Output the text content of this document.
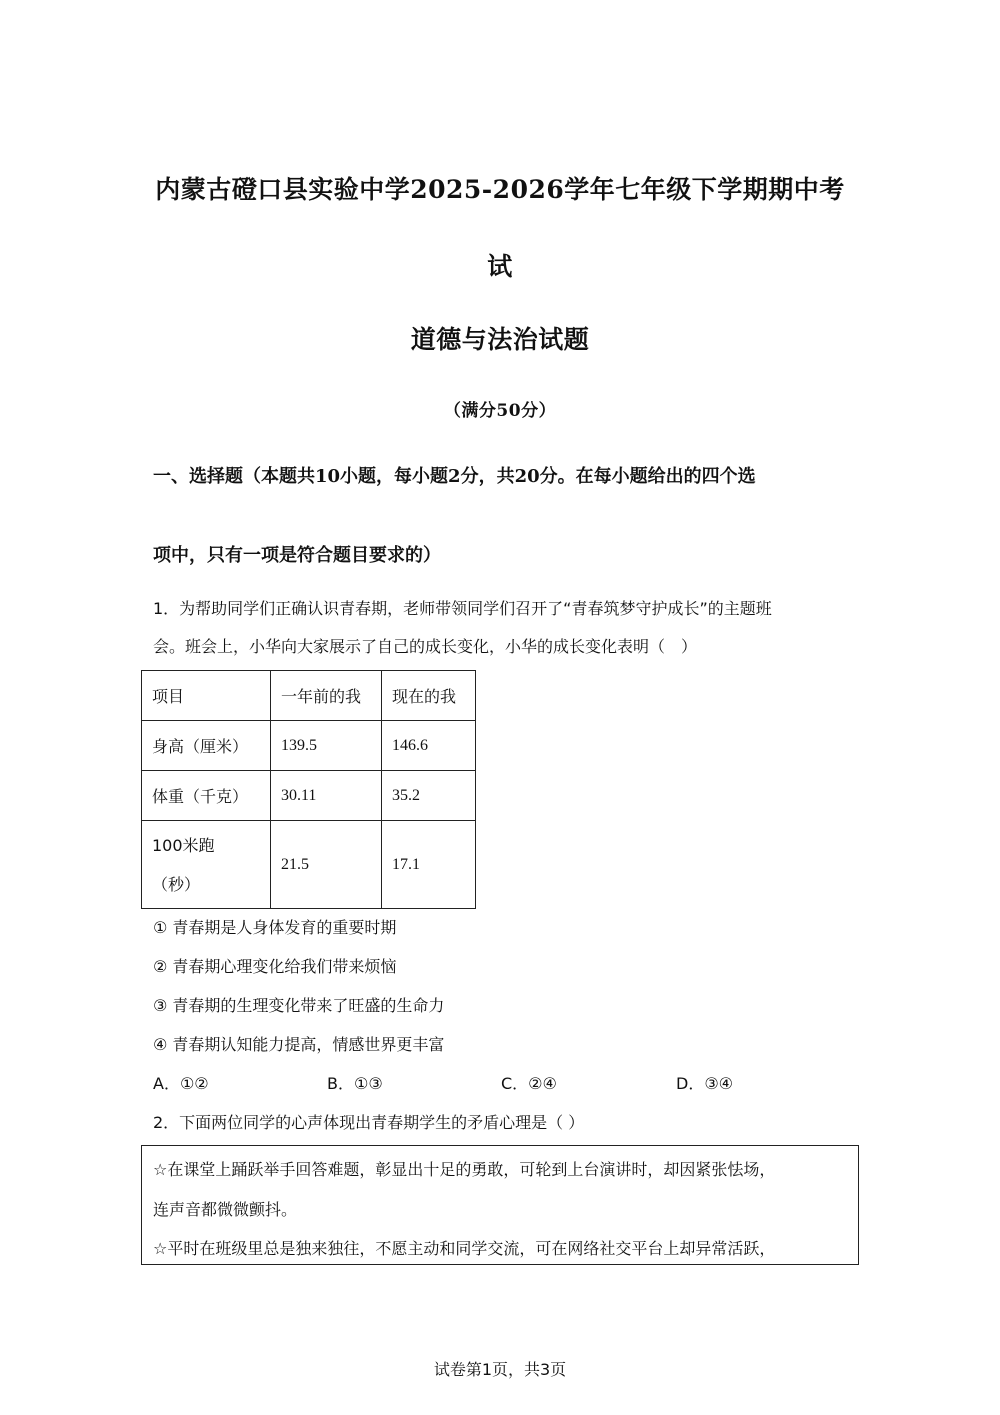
内蒙古磴口县实验中学2025-2026学年七年级下学期期中考
试
道德与法治试题
（满分50分）
一、选择题（本题共10小题，每小题2分，共20分。在每小题给出的四个选
项中，只有一项是符合题目要求的）
1．为帮助同学们正确认识青春期，老师带领同学们召开了“青春筑梦守护成长”的主题班
会。班会上，小华向大家展示了自己的成长变化，小华的成长变化表明（　）
项目	一年前的我	现在的我
身高（厘米）	139.5	146.6
体重（千克）	30.11	35.2

100米跑
（秒）	21.5	17.1
① 青春期是人身体发育的重要时期
② 青春期心理变化给我们带来烦恼
③ 青春期的生理变化带来了旺盛的生命力
④ 青春期认知能力提高，情感世界更丰富
A．①②	B．①③	C．②④	D．③④
2．下面两位同学的心声体现出青春期学生的矛盾心理是（ ）
☆在课堂上踊跃举手回答难题，彰显出十足的勇敢，可轮到上台演讲时，却因紧张怯场，
连声音都微微颤抖。
☆平时在班级里总是独来独往，不愿主动和同学交流，可在网络社交平台上却异常活跃，
试卷第1页，共3页
